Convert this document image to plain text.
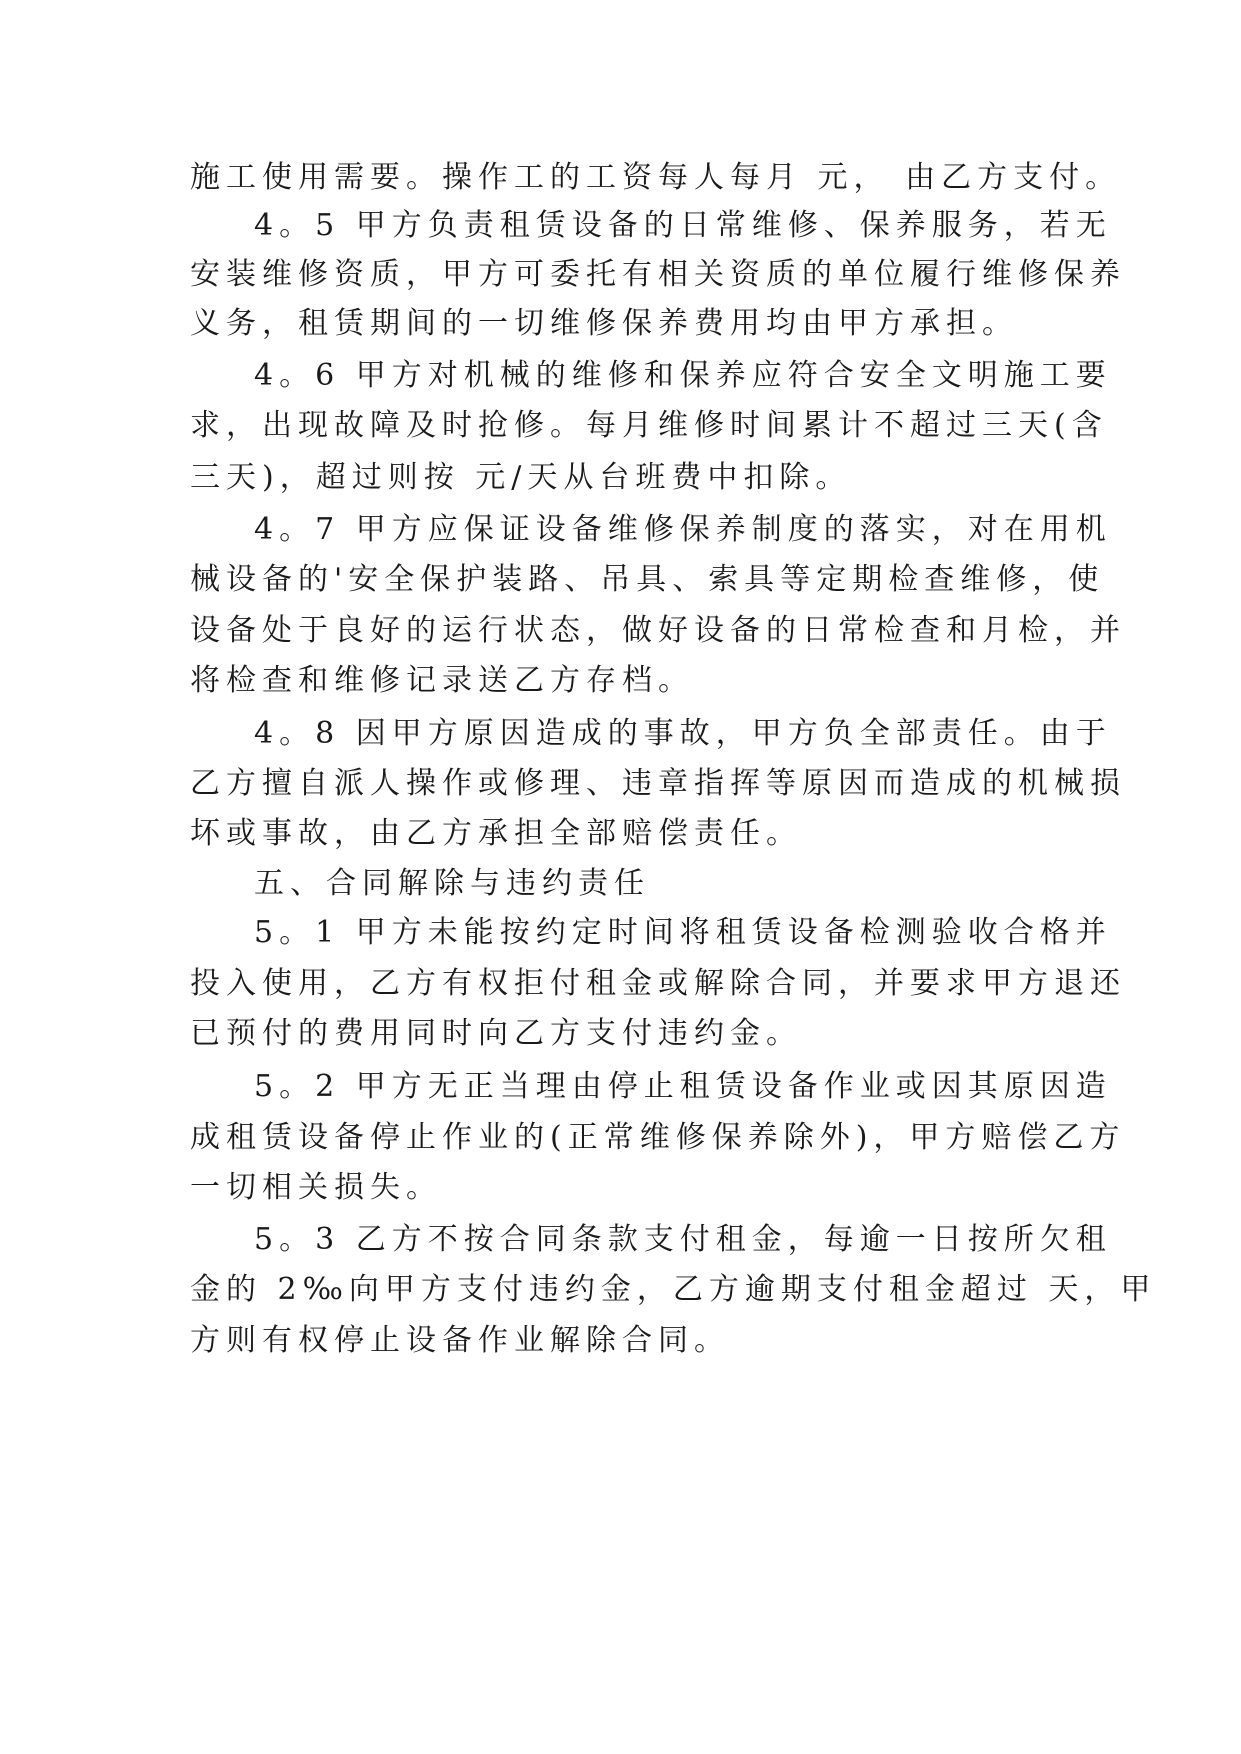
施工使用需要。操作工的工资每人每月 元， 由乙方支付。
4。5 甲方负责租赁设备的日常维修、保养服务，若无
安装维修资质，甲方可委托有相关资质的单位履行维修保养
义务，租赁期间的一切维修保养费用均由甲方承担。
4。6 甲方对机械的维修和保养应符合安全文明施工要
求，出现故障及时抢修。每月维修时间累计不超过三天(含
三天)，超过则按 元/天从台班费中扣除。
4。7 甲方应保证设备维修保养制度的落实，对在用机
械设备的'安全保护装路、吊具、索具等定期检查维修，使
设备处于良好的运行状态，做好设备的日常检查和月检，并
将检查和维修记录送乙方存档。
4。8 因甲方原因造成的事故，甲方负全部责任。由于
乙方擅自派人操作或修理、违章指挥等原因而造成的机械损
坏或事故，由乙方承担全部赔偿责任。
五、合同解除与违约责任
5。1 甲方未能按约定时间将租赁设备检测验收合格并
投入使用，乙方有权拒付租金或解除合同，并要求甲方退还
已预付的费用同时向乙方支付违约金。
5。2 甲方无正当理由停止租赁设备作业或因其原因造
成租赁设备停止作业的(正常维修保养除外)，甲方赔偿乙方
一切相关损失。
5。3 乙方不按合同条款支付租金，每逾一日按所欠租
金的 2‰向甲方支付违约金，乙方逾期支付租金超过 天，甲
方则有权停止设备作业解除合同。
